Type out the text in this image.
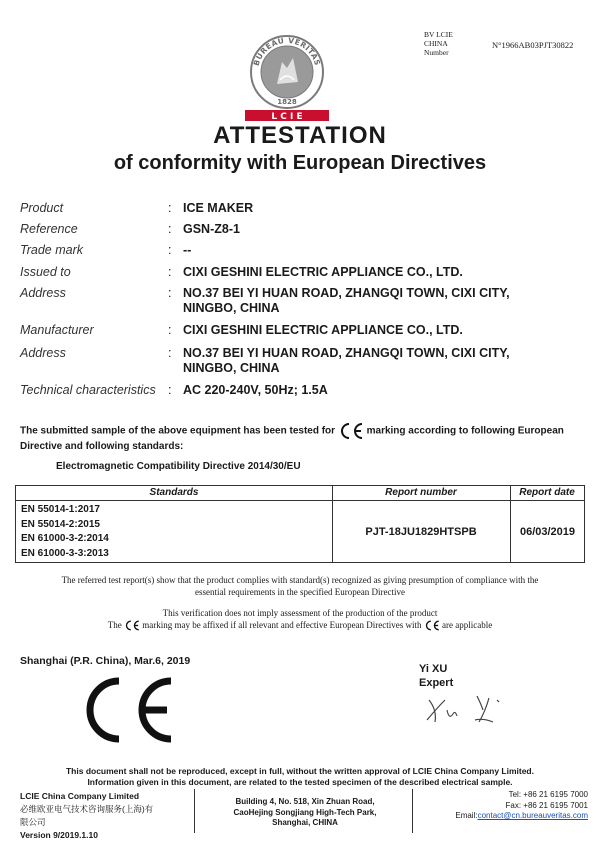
BV LCIE
CHINA
Number
N°1966AB03PJT30822
BUREAU VERITAS
1828
L C I E
ATTESTATION
of conformity with European Directives
Product	: ICE MAKER
Reference	: GSN-Z8-1
Trade mark	: --
Issued to	: CIXI GESHINI ELECTRIC APPLIANCE CO., LTD.
Address	: NO.37 BEI YI HUAN ROAD, ZHANGQI TOWN, CIXI CITY,
NINGBO, CHINA
Manufacturer	: CIXI GESHINI ELECTRIC APPLIANCE CO., LTD.
Address	: NO.37 BEI YI HUAN ROAD, ZHANGQI TOWN, CIXI CITY,
NINGBO, CHINA
Technical characteristics : AC 220-240V, 50Hz; 1.5A
The submitted sample of the above equipment has been tested for	marking according to following European
Directive and following standards:
Electromagnetic Compatibility Directive 2014/30/EU
Standards	Report number	Report date
EN 55014-1:2017
EN 55014-2:2015
EN 61000-3-2:2014
EN 61000-3-3:2013
PJT-18JU1829HTSPB	06/03/2019
The referred test report(s) show that the product complies with standard(s) recognized as giving presumption of compliance with the
essential requirements in the specified European Directive
This verification does not imply assessment of the production of the product
The marking may be affixed if all relevant and effective European Directives with are applicable
Shanghai (P.R. China), Mar.6, 2019
Yi XU
Expert
This document shall not be reproduced, except in full, without the written approval of LCIE China Company Limited.
Information given in this document, are related to the tested specimen of the described electrical sample.
LCIE China Company Limited
必维欧亚电气技术咨询服务(上海)有
限公司
Version 9/2019.1.10
Building 4, No. 518, Xin Zhuan Road,
CaoHejing Songjiang High-Tech Park,
Shanghai, CHINA
Tel: +86 21 6195 7000
Fax: +86 21 6195 7001
Email:contact@cn.bureauveritas.com
